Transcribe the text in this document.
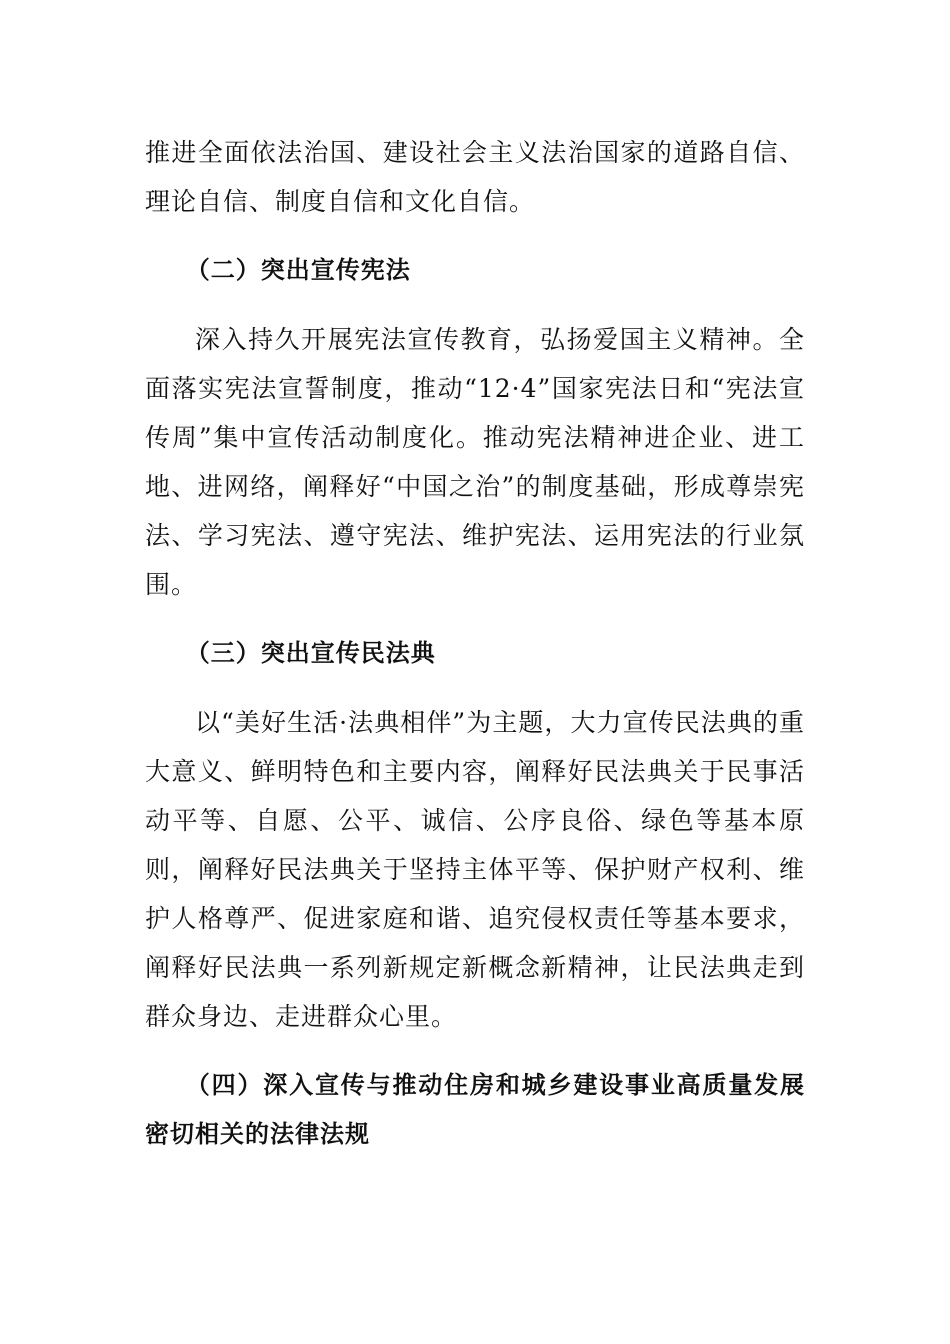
推进全面依法治国、建设社会主义法治国家的道路自信、理论自信、制度自信和文化自信。

（二）突出宣传宪法

深入持久开展宪法宣传教育，弘扬爱国主义精神。全面落实宪法宣誓制度，推动“12·4”国家宪法日和“宪法宣传周”集中宣传活动制度化。推动宪法精神进企业、进工地、进网络，阐释好“中国之治”的制度基础，形成尊崇宪法、学习宪法、遵守宪法、维护宪法、运用宪法的行业氛围。

（三）突出宣传民法典

以“美好生活·法典相伴”为主题，大力宣传民法典的重大意义、鲜明特色和主要内容，阐释好民法典关于民事活动平等、自愿、公平、诚信、公序良俗、绿色等基本原则，阐释好民法典关于坚持主体平等、保护财产权利、维护人格尊严、促进家庭和谐、追究侵权责任等基本要求，阐释好民法典一系列新规定新概念新精神，让民法典走到群众身边、走进群众心里。

（四）深入宣传与推动住房和城乡建设事业高质量发展密切相关的法律法规
